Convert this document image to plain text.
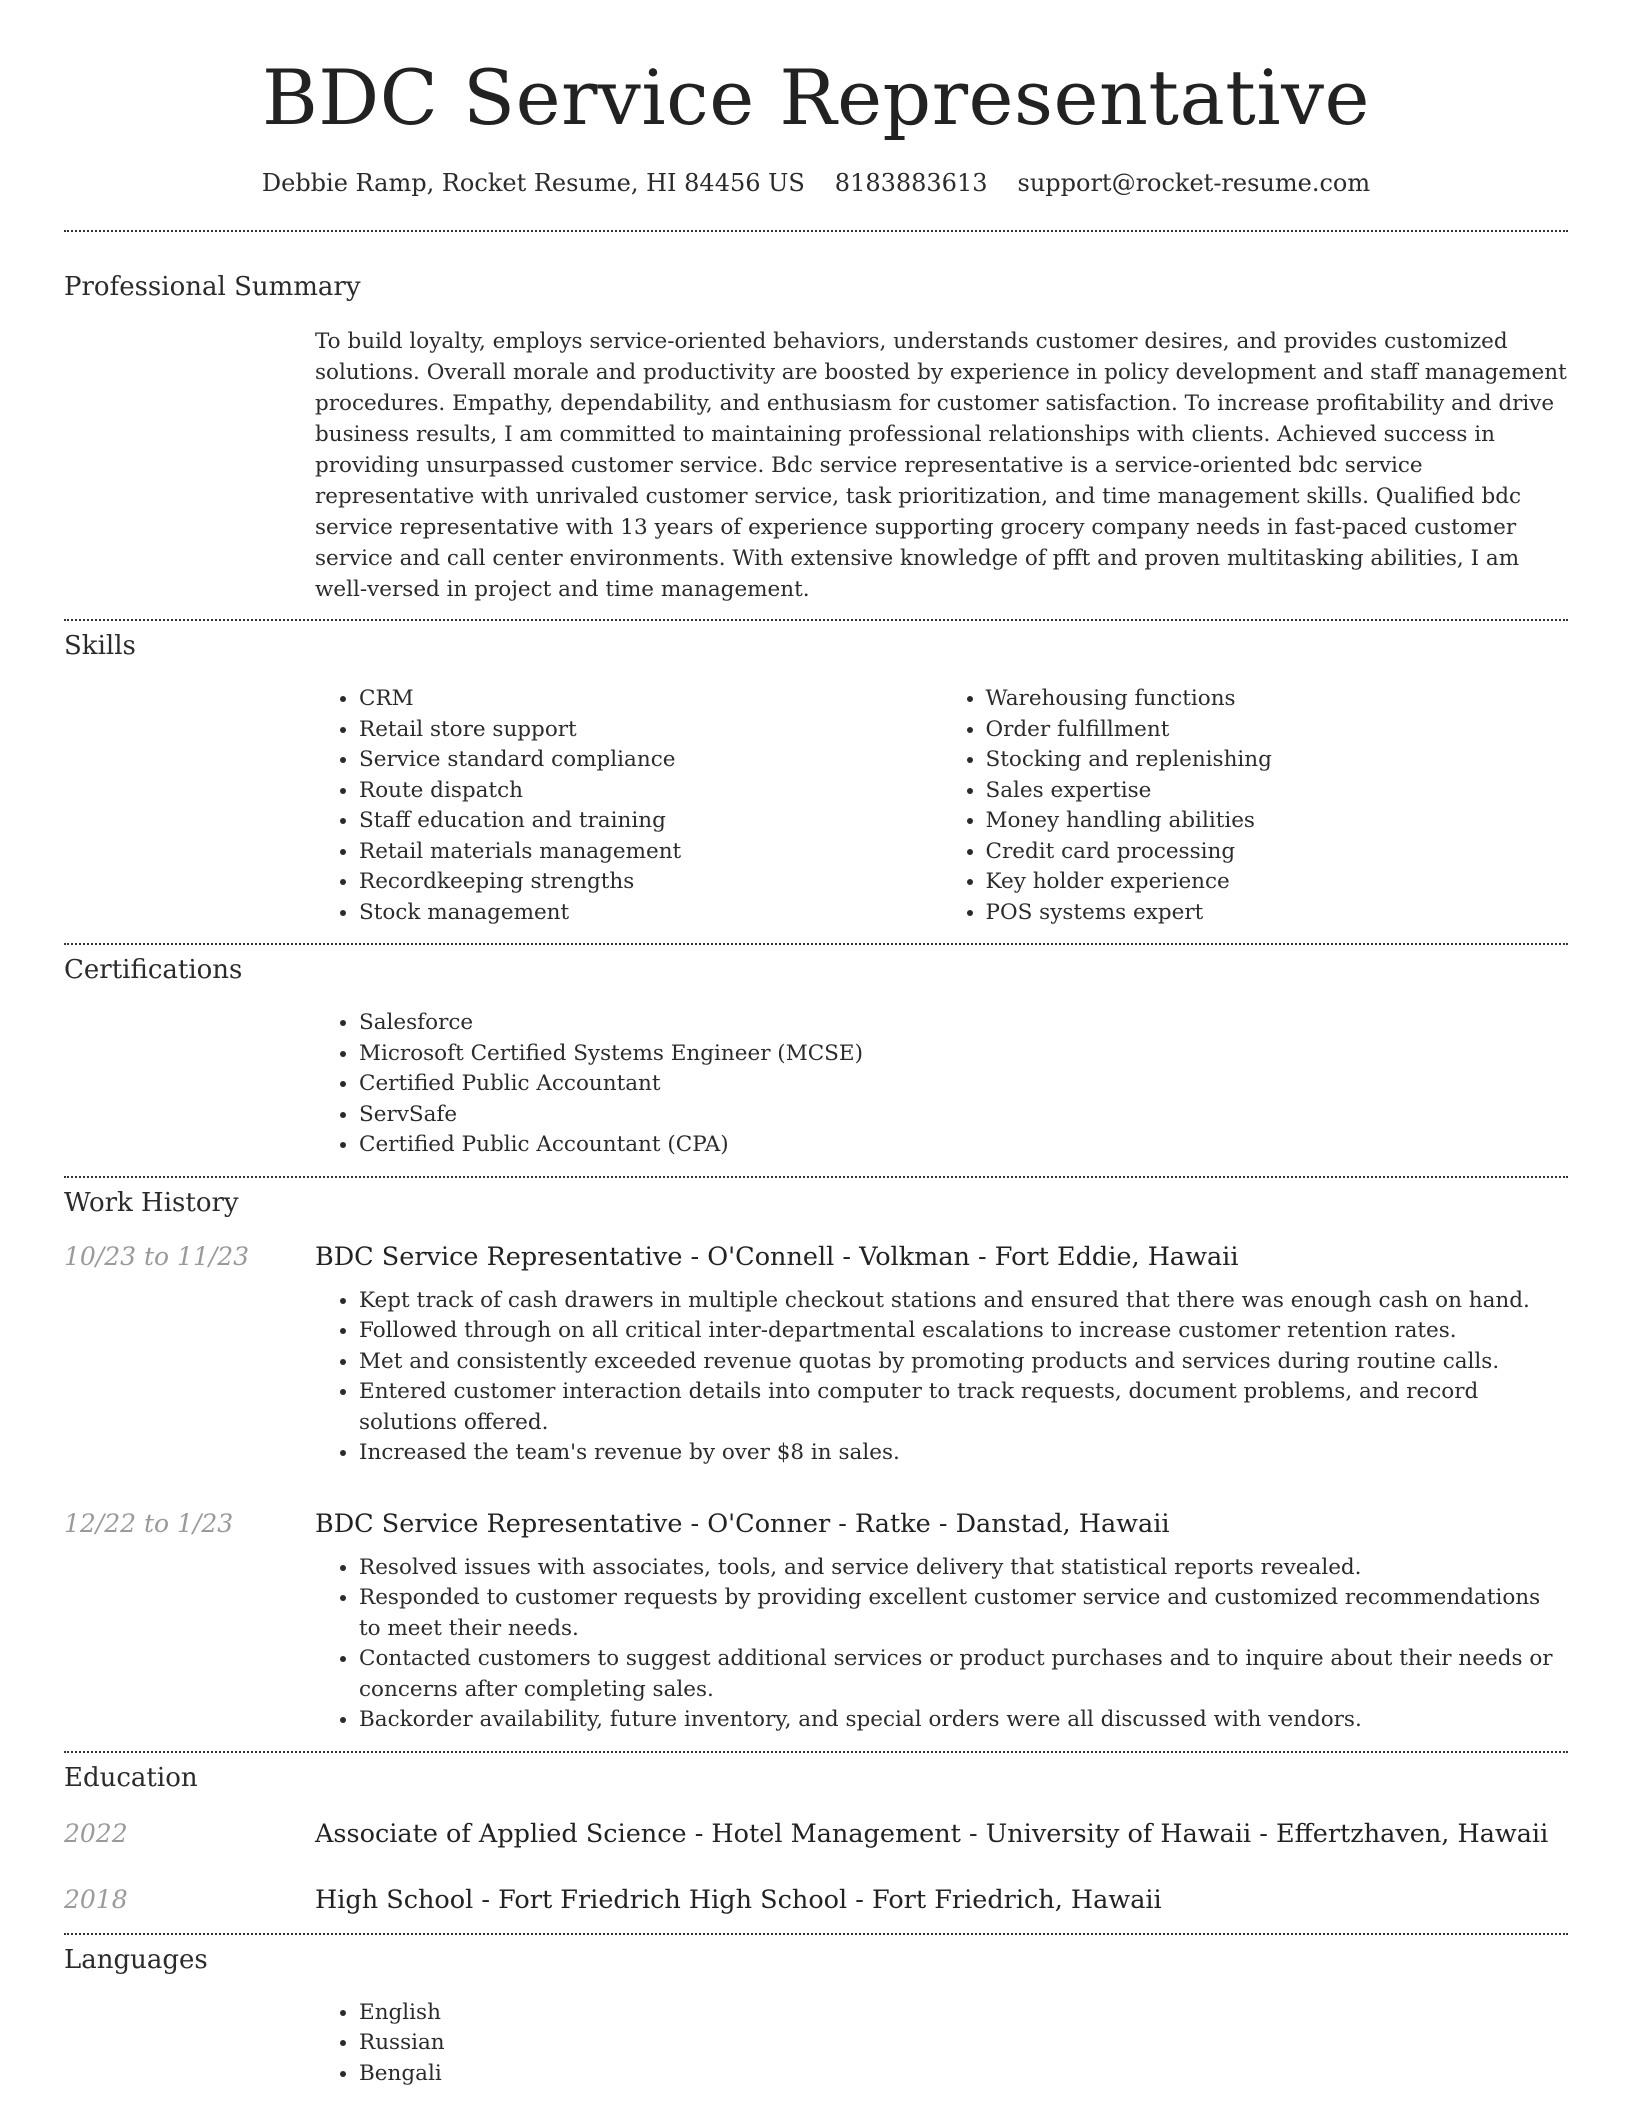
BDC Service Representative
Debbie Ramp, Rocket Resume, HI 84456 US 8183883613 support@rocket-resume.com
Professional Summary

To build loyalty, employs service-oriented behaviors, understands customer desires, and provides customized solutions. Overall morale and productivity are boosted by experience in policy development and staff management procedures. Empathy, dependability, and enthusiasm for customer satisfaction. To increase profitability and drive business results, I am committed to maintaining professional relationships with clients. Achieved success in providing unsurpassed customer service. Bdc service representative is a service-oriented bdc service representative with unrivaled customer service, task prioritization, and time management skills. Qualified bdc service representative with 13 years of experience supporting grocery company needs in fast-paced customer service and call center environments. With extensive knowledge of pfft and proven multitasking abilities, I am well-versed in project and time management.

Skills
• CRM
• Retail store support
• Service standard compliance
• Route dispatch
• Staff education and training
• Retail materials management
• Recordkeeping strengths
• Stock management
• Warehousing functions
• Order fulfillment
• Stocking and replenishing
• Sales expertise
• Money handling abilities
• Credit card processing
• Key holder experience
• POS systems expert
Certifications
• Salesforce
• Microsoft Certified Systems Engineer (MCSE)
• Certified Public Accountant
• ServSafe
• Certified Public Accountant (CPA)
Work History
10/23 to 11/23	BDC Service Representative - O'Connell - Volkman - Fort Eddie, Hawaii
• Kept track of cash drawers in multiple checkout stations and ensured that there was enough cash on hand.
• Followed through on all critical inter-departmental escalations to increase customer retention rates.
• Met and consistently exceeded revenue quotas by promoting products and services during routine calls.
• Entered customer interaction details into computer to track requests, document problems, and record solutions offered.
• Increased the team's revenue by over $8 in sales.
12/22 to 1/23	BDC Service Representative - O'Conner - Ratke - Danstad, Hawaii
• Resolved issues with associates, tools, and service delivery that statistical reports revealed.
• Responded to customer requests by providing excellent customer service and customized recommendations to meet their needs.
• Contacted customers to suggest additional services or product purchases and to inquire about their needs or concerns after completing sales.
• Backorder availability, future inventory, and special orders were all discussed with vendors.
Education
2022	Associate of Applied Science - Hotel Management - University of Hawaii - Effertzhaven, Hawaii
2018	High School - Fort Friedrich High School - Fort Friedrich, Hawaii
Languages
• English
• Russian
• Bengali
